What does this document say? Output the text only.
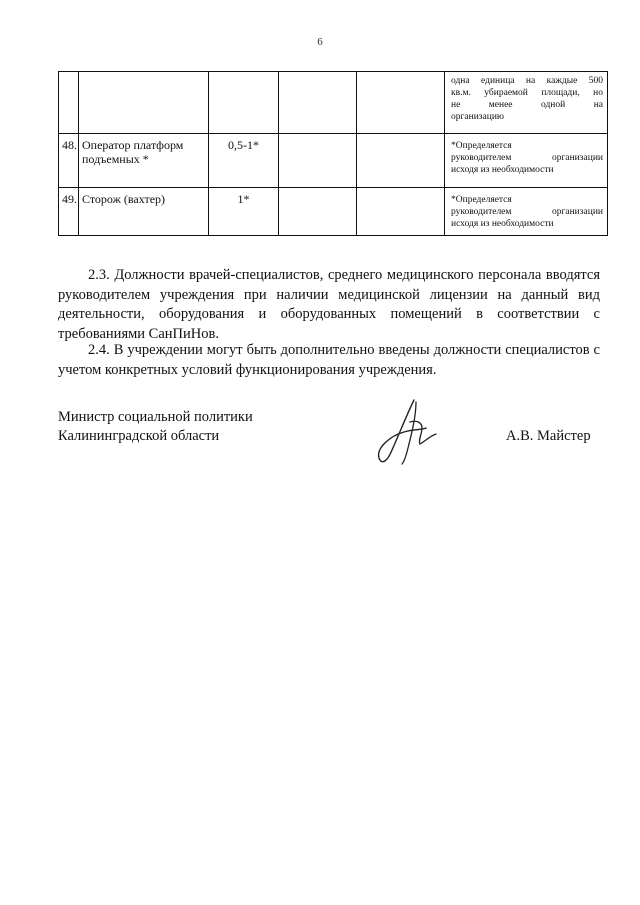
6

					одна единица на каждые 500
кв.м. убираемой площади, но
не менее одной на
организацию

48.	Оператор платформ подъемных *	0,5-1*			*Определяется
руководителем организации
исходя из необходимости

49.	Сторож (вахтер)	1*			*Определяется
руководителем организации
исходя из необходимости

2.3. Должности врачей-специалистов, среднего медицинского персонала вводятся руководителем учреждения при наличии медицинской лицензии на данный вид деятельности, оборудования и оборудованных помещений в соответствии с требованиями СанПиНов.

2.4. В учреждении могут быть дополнительно введены должности специалистов с учетом конкретных условий функционирования учреждения.

Министр социальной политики
Калининградской области	А.В. Майстер
